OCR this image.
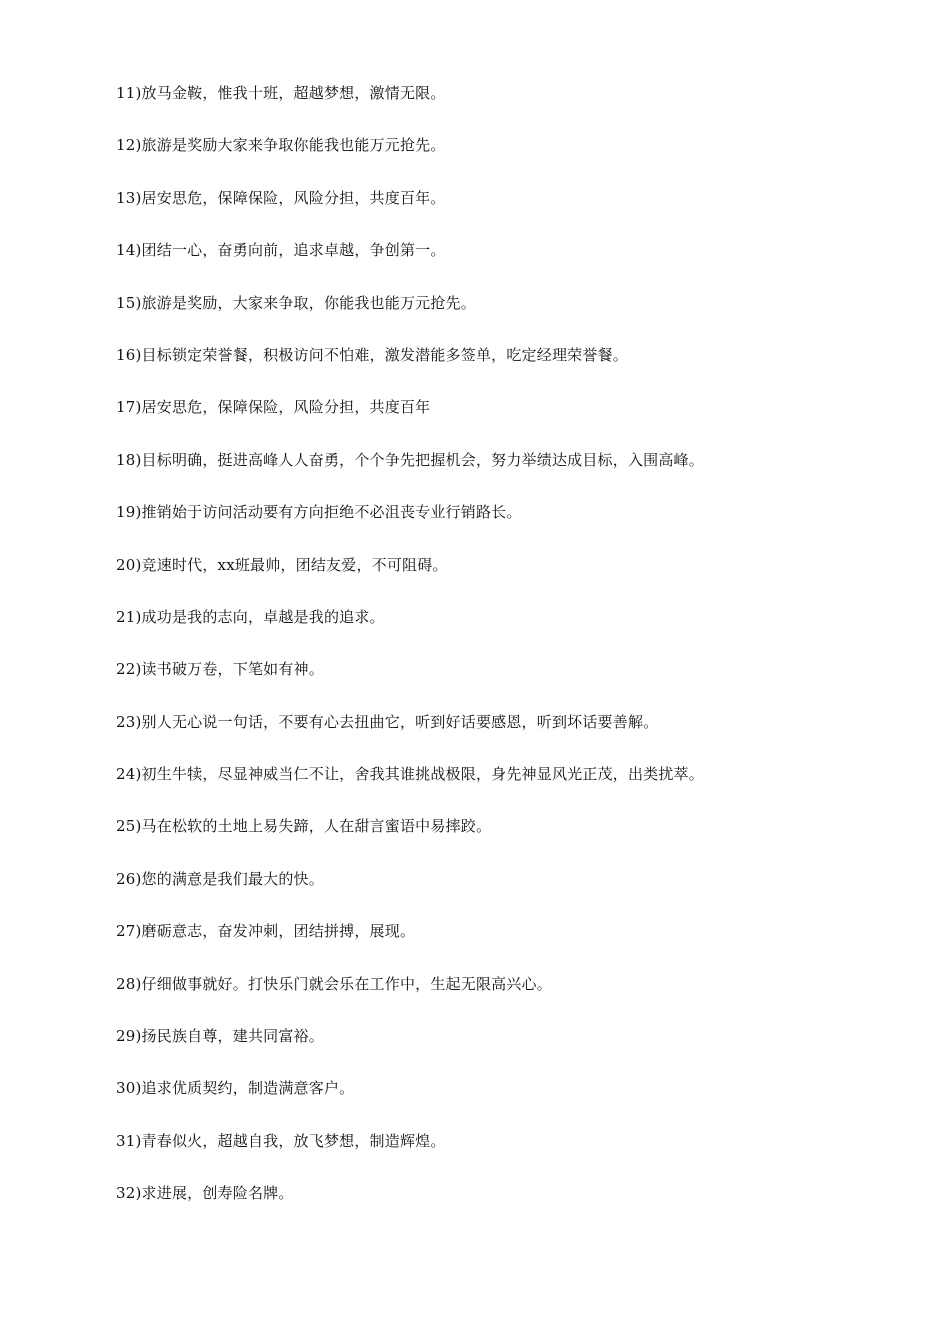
11)放马金鞍，惟我十班，超越梦想，激情无限。
12)旅游是奖励大家来争取你能我也能万元抢先。
13)居安思危，保障保险，风险分担，共度百年。
14)团结一心，奋勇向前，追求卓越，争创第一。
15)旅游是奖励，大家来争取，你能我也能万元抢先。
16)目标锁定荣誉餐，积极访问不怕难，激发潜能多签单，吃定经理荣誉餐。
17)居安思危，保障保险，风险分担，共度百年
18)目标明确，挺进高峰人人奋勇，个个争先把握机会，努力举绩达成目标，入围高峰。
19)推销始于访问活动要有方向拒绝不必沮丧专业行销路长。
20)竞速时代，xx班最帅，团结友爱，不可阻碍。
21)成功是我的志向，卓越是我的追求。
22)读书破万卷，下笔如有神。
23)别人无心说一句话，不要有心去扭曲它，听到好话要感恩，听到坏话要善解。
24)初生牛犊，尽显神威当仁不让，舍我其谁挑战极限，身先神显风光正茂，出类扰萃。
25)马在松软的土地上易失蹄，人在甜言蜜语中易摔跤。
26)您的满意是我们最大的快。
27)磨砺意志，奋发冲刺，团结拼搏，展现。
28)仔细做事就好。打快乐门就会乐在工作中，生起无限高兴心。
29)扬民族自尊，建共同富裕。
30)追求优质契约，制造满意客户。
31)青春似火，超越自我，放飞梦想，制造辉煌。
32)求进展，创寿险名牌。
